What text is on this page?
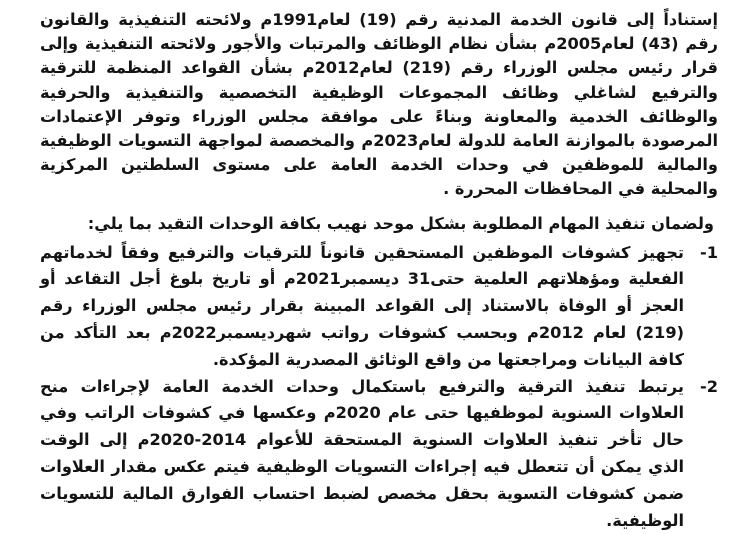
إستناداً إلى قانون الخدمة المدنية رقم (19) لعام1991م ولائحته التنفيذية والقانون رقم (43) لعام2005م بشأن نظام الوظائف والمرتبات والأجور ولائحته التنفيذية وإلى قرار رئيس مجلس الوزراء رقم (219) لعام2012م بشأن القواعد المنظمة للترقية والترفيع لشاغلي وظائف المجموعات الوظيفية التخصصية والتنفيذية والحرفية والوظائف الخدمية والمعاونة وبناءً على موافقة مجلس الوزراء وتوفر الإعتمادات المرصودة بالموازنة العامة للدولة لعام2023م والمخصصة لمواجهة التسويات الوظيفية والمالية للموظفين في وحدات الخدمة العامة على مستوى السلطتين المركزية والمحلية في المحافظات المحررة .

ولضمان تنفيذ المهام المطلوبة بشكل موحد نهيب بكافة الوحدات التقيد بما يلي:

1-
تجهيز كشوفات الموظفين المستحقين قانوناً للترقيات والترفيع وفقاً لخدماتهم الفعلية ومؤهلاتهم العلمية حتى31 ديسمبر2021م أو تاريخ بلوغ أجل التقاعد أو العجز أو الوفاة بالاستناد إلى القواعد المبينة بقرار رئيس مجلس الوزراء رقم (219) لعام 2012م وبحسب كشوفات رواتب شهرديسمبر2022م بعد التأكد من كافة البيانات ومراجعتها من واقع الوثائق المصدرية المؤكدة.
2-
يرتبط تنفيذ الترقية والترفيع باستكمال وحدات الخدمة العامة لإجراءات منح العلاوات السنوية لموظفيها حتى عام 2020م وعكسها في كشوفات الراتب وفي حال تأخر تنفيذ العلاوات السنوية المستحقة للأعوام 2014-2020م إلى الوقت الذي يمكن أن تتعطل فيه إجراءات التسويات الوظيفية فيتم عكس مقدار العلاوات ضمن كشوفات التسوية بحقل مخصص لضبط احتساب الفوارق المالية للتسويات الوظيفية.
